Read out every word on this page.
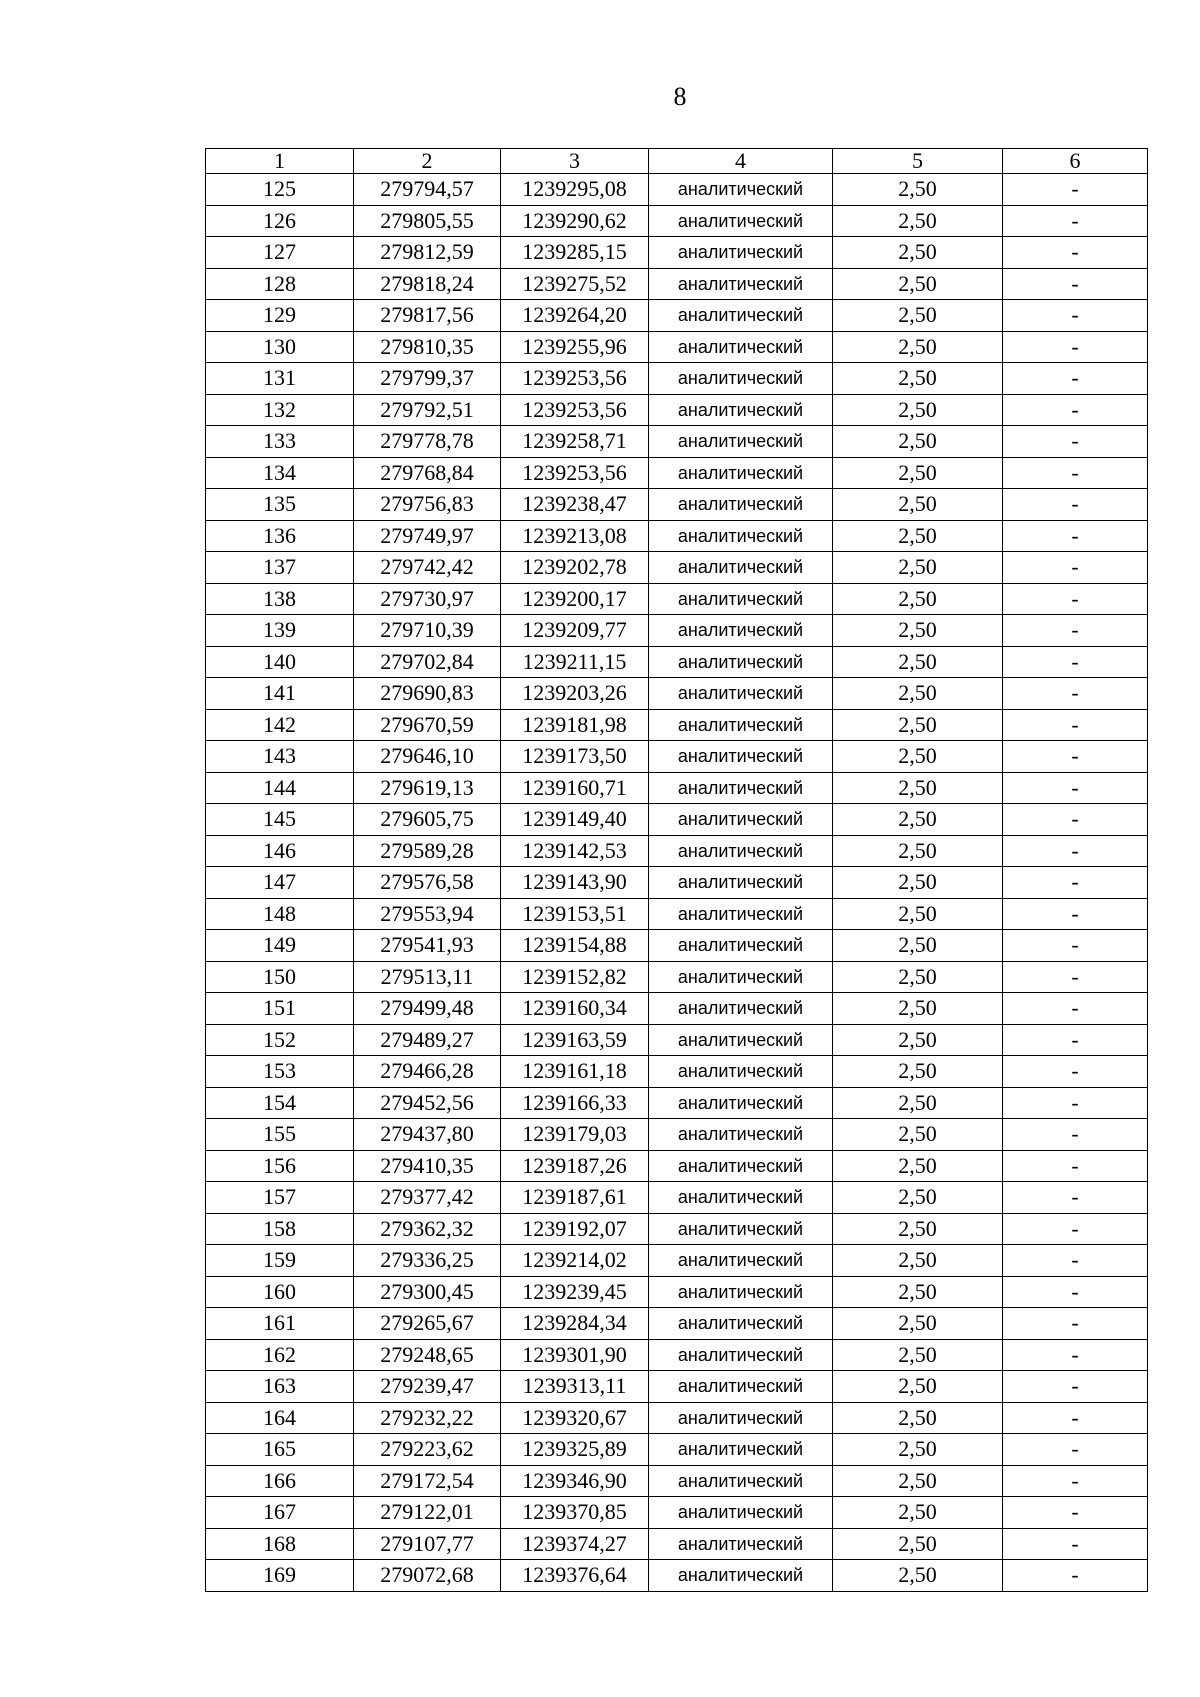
8
1	2	3	4	5	6
125	279794,57	1239295,08	аналитический	2,50	-
126	279805,55	1239290,62	аналитический	2,50	-
127	279812,59	1239285,15	аналитический	2,50	-
128	279818,24	1239275,52	аналитический	2,50	-
129	279817,56	1239264,20	аналитический	2,50	-
130	279810,35	1239255,96	аналитический	2,50	-
131	279799,37	1239253,56	аналитический	2,50	-
132	279792,51	1239253,56	аналитический	2,50	-
133	279778,78	1239258,71	аналитический	2,50	-
134	279768,84	1239253,56	аналитический	2,50	-
135	279756,83	1239238,47	аналитический	2,50	-
136	279749,97	1239213,08	аналитический	2,50	-
137	279742,42	1239202,78	аналитический	2,50	-
138	279730,97	1239200,17	аналитический	2,50	-
139	279710,39	1239209,77	аналитический	2,50	-
140	279702,84	1239211,15	аналитический	2,50	-
141	279690,83	1239203,26	аналитический	2,50	-
142	279670,59	1239181,98	аналитический	2,50	-
143	279646,10	1239173,50	аналитический	2,50	-
144	279619,13	1239160,71	аналитический	2,50	-
145	279605,75	1239149,40	аналитический	2,50	-
146	279589,28	1239142,53	аналитический	2,50	-
147	279576,58	1239143,90	аналитический	2,50	-
148	279553,94	1239153,51	аналитический	2,50	-
149	279541,93	1239154,88	аналитический	2,50	-
150	279513,11	1239152,82	аналитический	2,50	-
151	279499,48	1239160,34	аналитический	2,50	-
152	279489,27	1239163,59	аналитический	2,50	-
153	279466,28	1239161,18	аналитический	2,50	-
154	279452,56	1239166,33	аналитический	2,50	-
155	279437,80	1239179,03	аналитический	2,50	-
156	279410,35	1239187,26	аналитический	2,50	-
157	279377,42	1239187,61	аналитический	2,50	-
158	279362,32	1239192,07	аналитический	2,50	-
159	279336,25	1239214,02	аналитический	2,50	-
160	279300,45	1239239,45	аналитический	2,50	-
161	279265,67	1239284,34	аналитический	2,50	-
162	279248,65	1239301,90	аналитический	2,50	-
163	279239,47	1239313,11	аналитический	2,50	-
164	279232,22	1239320,67	аналитический	2,50	-
165	279223,62	1239325,89	аналитический	2,50	-
166	279172,54	1239346,90	аналитический	2,50	-
167	279122,01	1239370,85	аналитический	2,50	-
168	279107,77	1239374,27	аналитический	2,50	-
169	279072,68	1239376,64	аналитический	2,50	-
